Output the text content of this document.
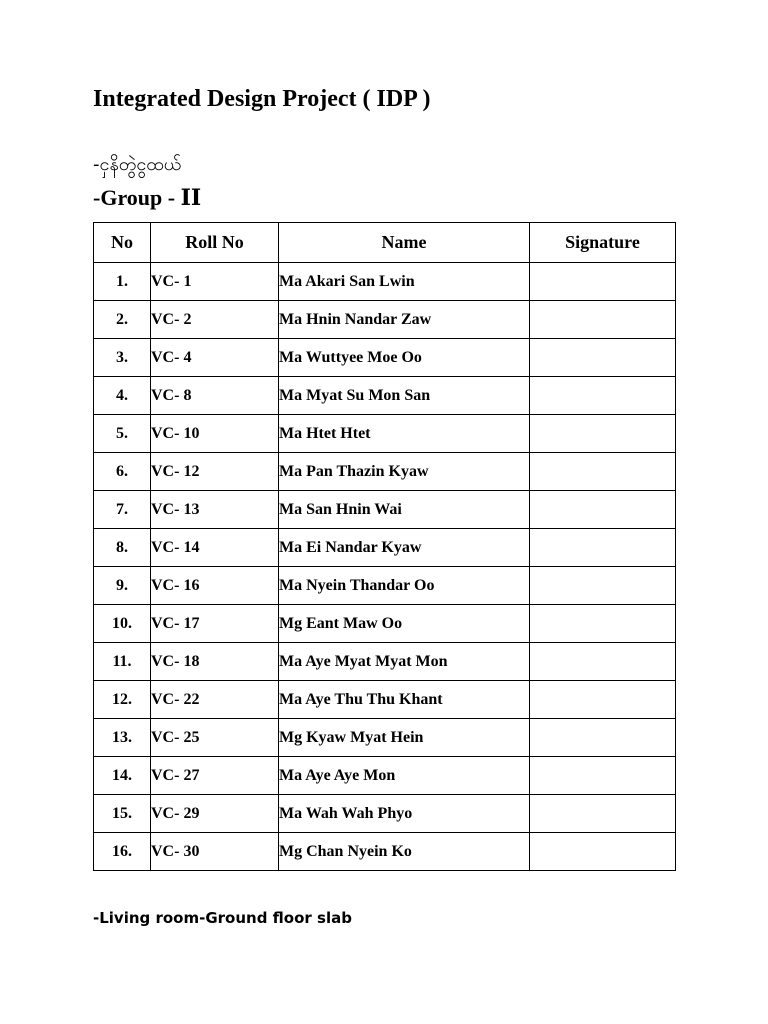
Integrated Design Project ( IDP )
-ငှနိတွဲငွထယ်
-Group - II
No	Roll No	Name	Signature
1.	VC- 1	Ma Akari San Lwin	
2.	VC- 2	Ma Hnin Nandar Zaw	
3.	VC- 4	Ma Wuttyee Moe Oo	
4.	VC- 8	Ma Myat Su Mon San	
5.	VC- 10	Ma Htet Htet	
6.	VC- 12	Ma Pan Thazin Kyaw	
7.	VC- 13	Ma San Hnin Wai	
8.	VC- 14	Ma Ei Nandar Kyaw	
9.	VC- 16	Ma Nyein Thandar Oo	
10.	VC- 17	Mg Eant Maw Oo	
11.	VC- 18	Ma Aye Myat Myat Mon	
12.	VC- 22	Ma Aye Thu Thu Khant	
13.	VC- 25	Mg Kyaw Myat Hein	
14.	VC- 27	Ma Aye Aye Mon	
15.	VC- 29	Ma Wah Wah Phyo	
16.	VC- 30	Mg Chan Nyein Ko	
-Living room-Ground floor slab
